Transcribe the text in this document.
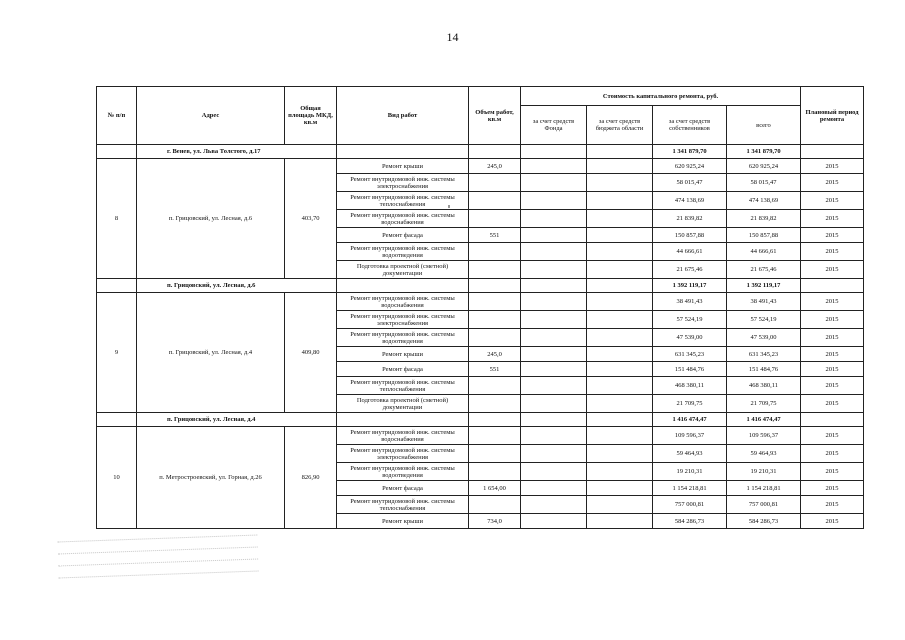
14
№ п/п	Адрес	Общая площадь МКД, кв.м	Вид работ	Объем работ, кв.м	Стоимость капитального ремонта, руб.				Плановый период ремонта
					за счет средств Фонда	за счет средств бюджета области	за счет средств собственников	всего	
	г. Венев, ул. Льва Толстого, д.17						1 341 879,70	1 341 879,70	
8	п. Грицовский, ул. Лесная, д.6	403,70	Ремонт крыши	245,0			620 925,24	620 925,24	2015
			Ремонт внутридомовой инж. системы электроснабжения				58 015,47	58 015,47	2015
			Ремонт внутридомовой инж. системы теплоснабжения				474 138,69	474 138,69	2015
			Ремонт внутридомовой инж. системы водоснабжения				21 839,82	21 839,82	2015
			Ремонт фасада	551			150 857,88	150 857,88	2015
			Ремонт внутридомовой инж. системы водоотведения				44 666,61	44 666,61	2015
			Подготовка проектной (сметной) документации				21 675,46	21 675,46	2015
	п. Грицовский, ул. Лесная, д.6						1 392 119,17	1 392 119,17	
9	п. Грицовский, ул. Лесная, д.4	409,80	Ремонт внутридомовой инж. системы водоснабжения				38 491,43	38 491,43	2015
			Ремонт внутридомовой инж. системы электроснабжения				57 524,19	57 524,19	2015
			Ремонт внутридомовой инж. системы водоотведения				47 539,00	47 539,00	2015
			Ремонт крыши	245,0			631 345,23	631 345,23	2015
			Ремонт фасада	551			151 484,76	151 484,76	2015
			Ремонт внутридомовой инж. системы теплоснабжения				468 380,11	468 380,11	2015
			Подготовка проектной (сметной) документации				21 709,75	21 709,75	2015
	п. Грицовский, ул. Лесная, д.4						1 416 474,47	1 416 474,47	
10	п. Метростроевский, ул. Горная, д.26	826,90	Ремонт внутридомовой инж. системы водоснабжения				109 596,37	109 596,37	2015
			Ремонт внутридомовой инж. системы электроснабжения				59 464,93	59 464,93	2015
			Ремонт внутридомовой инж. системы водоотведения				19 210,31	19 210,31	2015
			Ремонт фасада	1 654,00			1 154 218,81	1 154 218,81	2015
			Ремонт внутридомовой инж. системы теплоснабжения				757 000,81	757 000,81	2015
			Ремонт крыши	734,0			584 286,73	584 286,73	2015
​
​
​
​
